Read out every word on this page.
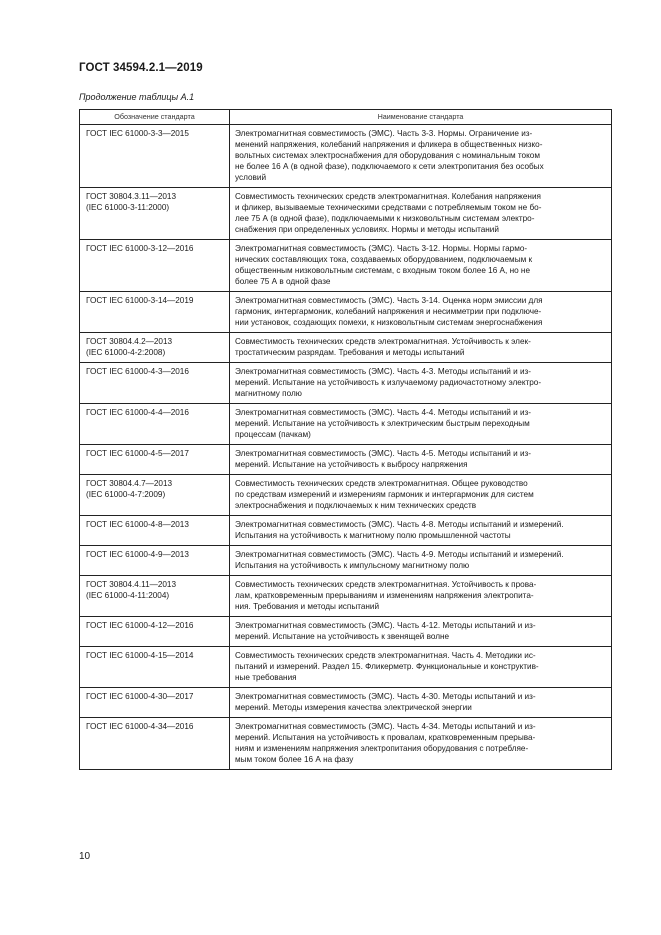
ГОСТ 34594.2.1—2019
Продолжение таблицы А.1
Обозначение стандарта	Наименование стандарта

ГОСТ IEC 61000-3-3—2015	Электромагнитная совместимость (ЭМС). Часть 3-3. Нормы. Ограничение из-
менений напряжения, колебаний напряжения и фликера в общественных низко-
вольтных системах электроснабжения для оборудования с номинальным током
не более 16 А (в одной фазе), подключаемого к сети электропитания без особых
условий

ГОСТ 30804.3.11—2013
(IEC 61000-3-11:2000)	Совместимость технических средств электромагнитная. Колебания напряжения
и фликер, вызываемые техническими средствами с потребляемым током не бо-
лее 75 А (в одной фазе), подключаемыми к низковольтным системам электро-
снабжения при определенных условиях. Нормы и методы испытаний

ГОСТ IEC 61000-3-12—2016	Электромагнитная совместимость (ЭМС). Часть 3-12. Нормы. Нормы гармо-
нических составляющих тока, создаваемых оборудованием, подключаемым к
общественным низковольтным системам, с входным током более 16 А, но не
более 75 А в одной фазе

ГОСТ IEC 61000-3-14—2019	Электромагнитная совместимость (ЭМС). Часть 3-14. Оценка норм эмиссии для
гармоник, интергармоник, колебаний напряжения и несимметрии при подключе-
нии установок, создающих помехи, к низковольтным системам энергоснабжения

ГОСТ 30804.4.2—2013
(IEC 61000-4-2:2008)	Совместимость технических средств электромагнитная. Устойчивость к элек-
тростатическим разрядам. Требования и методы испытаний

ГОСТ IEC 61000-4-3—2016	Электромагнитная совместимость (ЭМС). Часть 4-3. Методы испытаний и из-
мерений. Испытание на устойчивость к излучаемому радиочастотному электро-
магнитному полю

ГОСТ IEC 61000-4-4—2016	Электромагнитная совместимость (ЭМС). Часть 4-4. Методы испытаний и из-
мерений. Испытание на устойчивость к электрическим быстрым переходным
процессам (пачкам)

ГОСТ IEC 61000-4-5—2017	Электромагнитная совместимость (ЭМС). Часть 4-5. Методы испытаний и из-
мерений. Испытание на устойчивость к выбросу напряжения

ГОСТ 30804.4.7—2013
(IEC 61000-4-7:2009)	Совместимость технических средств электромагнитная. Общее руководство
по средствам измерений и измерениям гармоник и интергармоник для систем
электроснабжения и подключаемых к ним технических средств

ГОСТ IEC 61000-4-8—2013	Электромагнитная совместимость (ЭМС). Часть 4-8. Методы испытаний и измерений.
Испытания на устойчивость к магнитному полю промышленной частоты

ГОСТ IEC 61000-4-9—2013	Электромагнитная совместимость (ЭМС). Часть 4-9. Методы испытаний и измерений.
Испытания на устойчивость к импульсному магнитному полю

ГОСТ 30804.4.11—2013
(IEC 61000-4-11:2004)	Совместимость технических средств электромагнитная. Устойчивость к прова-
лам, кратковременным прерываниям и изменениям напряжения электропита-
ния. Требования и методы испытаний

ГОСТ IEC 61000-4-12—2016	Электромагнитная совместимость (ЭМС). Часть 4-12. Методы испытаний и из-
мерений. Испытание на устойчивость к звенящей волне

ГОСТ IEC 61000-4-15—2014	Совместимость технических средств электромагнитная. Часть 4. Методики ис-
пытаний и измерений. Раздел 15. Фликерметр. Функциональные и конструктив-
ные требования

ГОСТ IEC 61000-4-30—2017	Электромагнитная совместимость (ЭМС). Часть 4-30. Методы испытаний и из-
мерений. Методы измерения качества электрической энергии

ГОСТ IEC 61000-4-34—2016	Электромагнитная совместимость (ЭМС). Часть 4-34. Методы испытаний и из-
мерений. Испытания на устойчивость к провалам, кратковременным прерыва-
ниям и изменениям напряжения электропитания оборудования с потребляе-
мым током более 16 А на фазу
10
